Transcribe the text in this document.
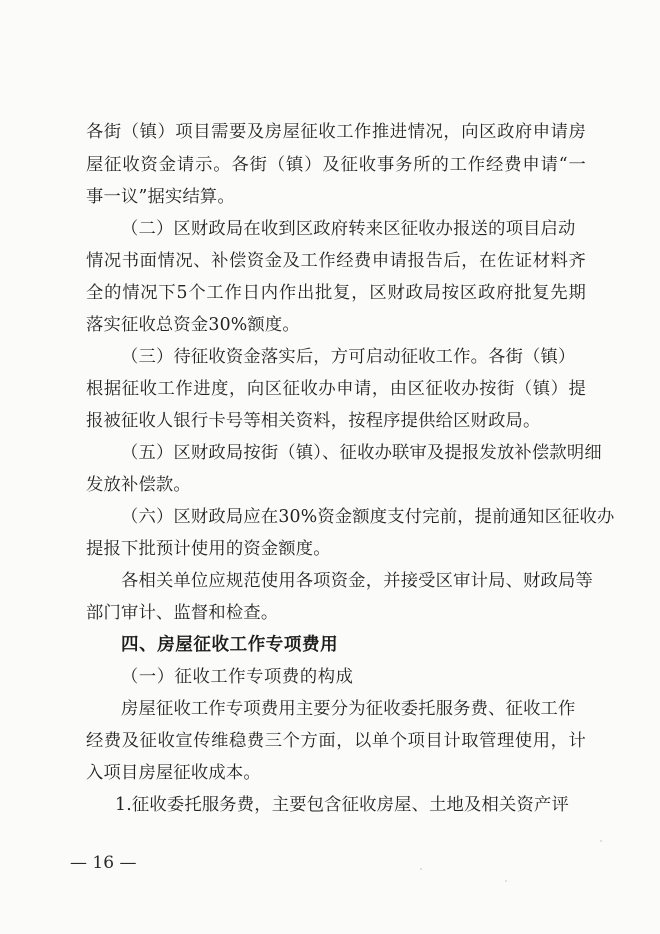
各街（镇）项目需要及房屋征收工作推进情况，向区政府申请房
屋征收资金请示。各街（镇）及征收事务所的工作经费申请“一
事一议”据实结算。
（二）区财政局在收到区政府转来区征收办报送的项目启动
情况书面情况、补偿资金及工作经费申请报告后，在佐证材料齐
全的情况下5个工作日内作出批复，区财政局按区政府批复先期
落实征收总资金30%额度。
（三）待征收资金落实后，方可启动征收工作。各街（镇）
根据征收工作进度，向区征收办申请，由区征收办按街（镇）提
报被征收人银行卡号等相关资料，按程序提供给区财政局。
（五）区财政局按街（镇）、征收办联审及提报发放补偿款明细
发放补偿款。
（六）区财政局应在30%资金额度支付完前，提前通知区征收办
提报下批预计使用的资金额度。
各相关单位应规范使用各项资金，并接受区审计局、财政局等
部门审计、监督和检查。
四、房屋征收工作专项费用
（一）征收工作专项费的构成
房屋征收工作专项费用主要分为征收委托服务费、征收工作
经费及征收宣传维稳费三个方面，以单个项目计取管理使用，计
入项目房屋征收成本。
1.征收委托服务费，主要包含征收房屋、土地及相关资产评
— 16 —
